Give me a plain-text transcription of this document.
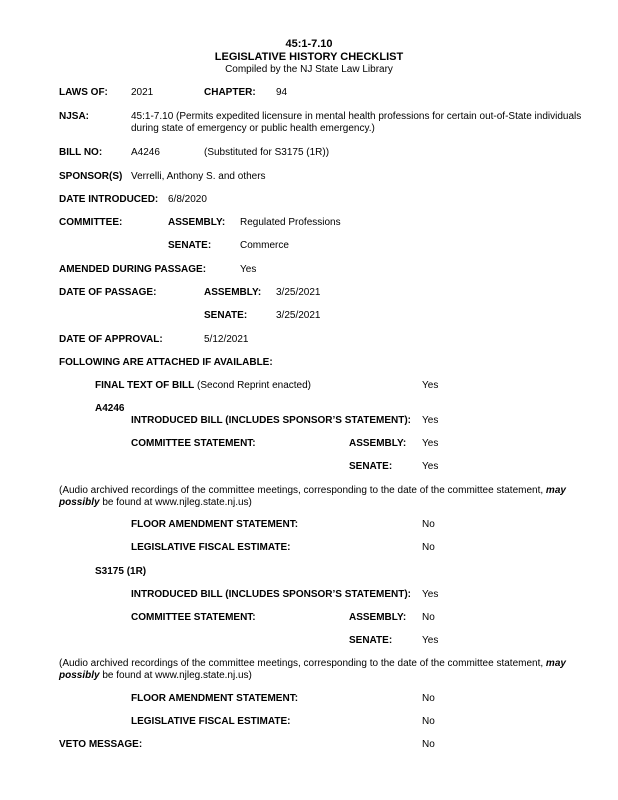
45:1-7.10
LEGISLATIVE HISTORY CHECKLIST
Compiled by the NJ State Law Library
LAWS OF: 2021	CHAPTER: 94
NJSA:	45:1-7.10 (Permits expedited licensure in mental health professions for certain out-of-State individuals during state of emergency or public health emergency.)
BILL NO:	A4246	(Substituted for S3175 (1R))
SPONSOR(S) Verrelli, Anthony S. and others
DATE INTRODUCED: 6/8/2020
COMMITTEE:	ASSEMBLY: Regulated Professions
SENATE:	Commerce
AMENDED DURING PASSAGE:	Yes
DATE OF PASSAGE:	ASSEMBLY: 3/25/2021
SENATE:	3/25/2021
DATE OF APPROVAL:	5/12/2021
FOLLOWING ARE ATTACHED IF AVAILABLE:
FINAL TEXT OF BILL (Second Reprint enacted)	Yes
A4246
INTRODUCED BILL (INCLUDES SPONSOR’S STATEMENT): Yes
COMMITTEE STATEMENT:	ASSEMBLY: Yes
SENATE:	Yes
(Audio archived recordings of the committee meetings, corresponding to the date of the committee statement, may possibly be found at www.njleg.state.nj.us)
FLOOR AMENDMENT STATEMENT:	No
LEGISLATIVE FISCAL ESTIMATE:	No
S3175 (1R)
INTRODUCED BILL (INCLUDES SPONSOR’S STATEMENT): Yes
COMMITTEE STATEMENT:	ASSEMBLY: No
SENATE:	Yes
(Audio archived recordings of the committee meetings, corresponding to the date of the committee statement, may possibly be found at www.njleg.state.nj.us)
FLOOR AMENDMENT STATEMENT:	No
LEGISLATIVE FISCAL ESTIMATE:	No
VETO MESSAGE:	No
